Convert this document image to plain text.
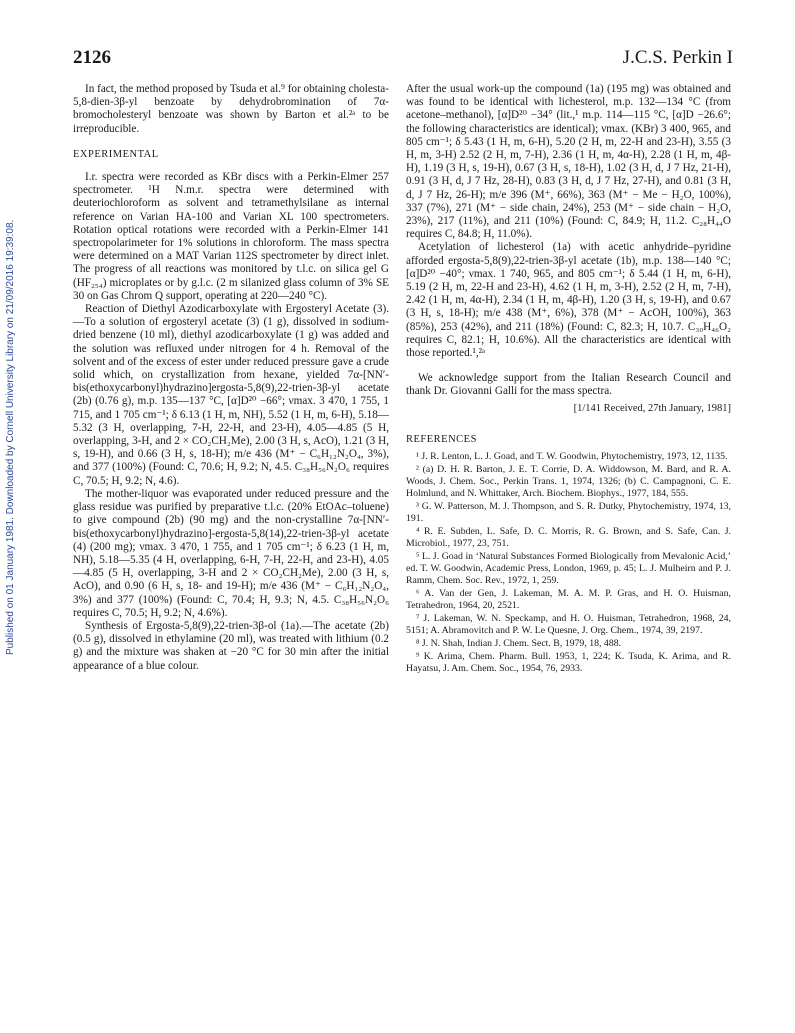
2126	J.C.S. Perkin I
Published on 01 January 1981. Downloaded by Cornell University Library on 21/09/2016 19:39:08.

In fact, the method proposed by Tsuda et al.⁹ for obtaining cholesta-5,8-dien-3β-yl benzoate by dehydrobromination of 7α-bromocholesteryl benzoate was shown by Barton et al.²ᵃ to be irreproducible.

EXPERIMENTAL

I.r. spectra were recorded as KBr discs with a Perkin-Elmer 257 spectrometer. ¹H N.m.r. spectra were determined with deuteriochloroform as solvent and tetramethylsilane as internal reference on Varian HA-100 and Varian XL 100 spectrometers. Rotation optical rotations were recorded with a Perkin-Elmer 141 spectropolarimeter for 1% solutions in chloroform. The mass spectra were determined on a MAT Varian 112S spectrometer by direct inlet. The progress of all reactions was monitored by t.l.c. on silica gel G (HF₂₅₄) microplates or by g.l.c. (2 m silanized glass column of 3% SE 30 on Gas Chrom Q support, operating at 220—240 °C).

Reaction of Diethyl Azodicarboxylate with Ergosteryl Acetate (3).—To a solution of ergosteryl acetate (3) (1 g), dissolved in sodium-dried benzene (10 ml), diethyl azodicarboxylate (1 g) was added and the solution was refluxed under nitrogen for 4 h. Removal of the solvent and of the excess of ester under reduced pressure gave a crude solid which, on crystallization from hexane, yielded 7α-[NN′-bis(ethoxycarbonyl)hydrazino]ergosta-5,8(9),22-trien-3β-yl acetate (2b) (0.76 g), m.p. 135—137 °C, [α]D²⁰ −66°; νmax. 3 470, 1 755, 1 715, and 1 705 cm⁻¹; δ 6.13 (1 H, m, NH), 5.52 (1 H, m, 6-H), 5.18—5.32 (3 H, overlapping, 7-H, 22-H, and 23-H), 4.05—4.85 (5 H, overlapping, 3-H, and 2 × CO₂CH₂Me), 2.00 (3 H, s, AcO), 1.21 (3 H, s, 19-H), and 0.66 (3 H, s, 18-H); m/e 436 (M⁺ − C₆H₁₂N₂O₄, 3%), and 377 (100%) (Found: C, 70.6; H, 9.2; N, 4.5. C₃₈H₅₆N₂O₆ requires C, 70.5; H, 9.2; N, 4.6).

The mother-liquor was evaporated under reduced pressure and the glass residue was purified by preparative t.l.c. (20% EtOAc–toluene) to give compound (2b) (90 mg) and the non-crystalline 7α-[NN′-bis(ethoxycarbonyl)hydrazino]-ergosta-5,8(14),22-trien-3β-yl acetate (4) (200 mg); νmax. 3 470, 1 755, and 1 705 cm⁻¹; δ 6.23 (1 H, m, NH), 5.18—5.35 (4 H, overlapping, 6-H, 7-H, 22-H, and 23-H), 4.05—4.85 (5 H, overlapping, 3-H and 2 × CO₂CH₂Me), 2.00 (3 H, s, AcO), and 0.90 (6 H, s, 18- and 19-H); m/e 436 (M⁺ − C₆H₁₂N₂O₄, 3%) and 377 (100%) (Found: C, 70.4; H, 9.3; N, 4.5. C₃₈H₅₆N₂O₆ requires C, 70.5; H, 9.2; N, 4.6%).

Synthesis of Ergosta-5,8(9),22-trien-3β-ol (1a).—The acetate (2b) (0.5 g), dissolved in ethylamine (20 ml), was treated with lithium (0.2 g) and the mixture was shaken at −20 °C for 30 min after the initial appearance of a blue colour.

After the usual work-up the compound (1a) (195 mg) was obtained and was found to be identical with lichesterol, m.p. 132—134 °C (from acetone–methanol), [α]D²⁰ −34° (lit.,¹ m.p. 114—115 °C, [α]D −26.6°; the following characteristics are identical); νmax. (KBr) 3 400, 965, and 805 cm⁻¹; δ 5.43 (1 H, m, 6-H), 5.20 (2 H, m, 22-H and 23-H), 3.55 (3 H, m, 3-H) 2.52 (2 H, m, 7-H), 2.36 (1 H, m, 4α-H), 2.28 (1 H, m, 4β-H), 1.19 (3 H, s, 19-H), 0.67 (3 H, s, 18-H), 1.02 (3 H, d, J 7 Hz, 21-H), 0.91 (3 H, d, J 7 Hz, 28-H), 0.83 (3 H, d, J 7 Hz, 27-H), and 0.81 (3 H, d, J 7 Hz, 26-H); m/e 396 (M⁺, 66%), 363 (M⁺ − Me − H₂O, 100%), 337 (7%), 271 (M⁺ − side chain, 24%), 253 (M⁺ − side chain − H₂O, 23%), 217 (11%), and 211 (10%) (Found: C, 84.9; H, 11.2. C₂₈H₄₄O requires C, 84.8; H, 11.0%).

Acetylation of lichesterol (1a) with acetic anhydride–pyridine afforded ergosta-5,8(9),22-trien-3β-yl acetate (1b), m.p. 138—140 °C; [α]D²⁰ −40°; νmax. 1 740, 965, and 805 cm⁻¹; δ 5.44 (1 H, m, 6-H), 5.19 (2 H, m, 22-H and 23-H), 4.62 (1 H, m, 3-H), 2.52 (2 H, m, 7-H), 2.42 (1 H, m, 4α-H), 2.34 (1 H, m, 4β-H), 1.20 (3 H, s, 19-H), and 0.67 (3 H, s, 18-H); m/e 438 (M⁺, 6%), 378 (M⁺ − AcOH, 100%), 363 (85%), 253 (42%), and 211 (18%) (Found: C, 82.3; H, 10.7. C₃₀H₄₆O₂ requires C, 82.1; H, 10.6%). All the characteristics are identical with those reported.¹,²ᵃ

We acknowledge support from the Italian Research Council and thank Dr. Giovanni Galli for the mass spectra.

[1/141 Received, 27th January, 1981]
REFERENCES
¹ J. R. Lenton, L. J. Goad, and T. W. Goodwin, Phytochemistry, 1973, 12, 1135.
² (a) D. H. R. Barton, J. E. T. Corrie, D. A. Widdowson, M. Bard, and R. A. Woods, J. Chem. Soc., Perkin Trans. 1, 1974, 1326; (b) C. Campagnoni, C. E. Holmlund, and N. Whittaker, Arch. Biochem. Biophys., 1977, 184, 555.
³ G. W. Patterson, M. J. Thompson, and S. R. Dutky, Phytochemistry, 1974, 13, 191.
⁴ R. E. Subden, L. Safe, D. C. Morris, R. G. Brown, and S. Safe, Can. J. Microbiol., 1977, 23, 751.
⁵ L. J. Goad in ‘Natural Substances Formed Biologically from Mevalonic Acid,’ ed. T. W. Goodwin, Academic Press, London, 1969, p. 45; L. J. Mulheirn and P. J. Ramm, Chem. Soc. Rev., 1972, 1, 259.
⁶ A. Van der Gen, J. Lakeman, M. A. M. P. Gras, and H. O. Huisman, Tetrahedron, 1964, 20, 2521.
⁷ J. Lakeman, W. N. Speckamp, and H. O. Huisman, Tetrahedron, 1968, 24, 5151; A. Abramovitch and P. W. Le Quesne, J. Org. Chem., 1974, 39, 2197.
⁸ J. N. Shah, Indian J. Chem. Sect. B, 1979, 18, 488.
⁹ K. Arima, Chem. Pharm. Bull. 1953, 1, 224; K. Tsuda, K. Arima, and R. Hayatsu, J. Am. Chem. Soc., 1954, 76, 2933.
